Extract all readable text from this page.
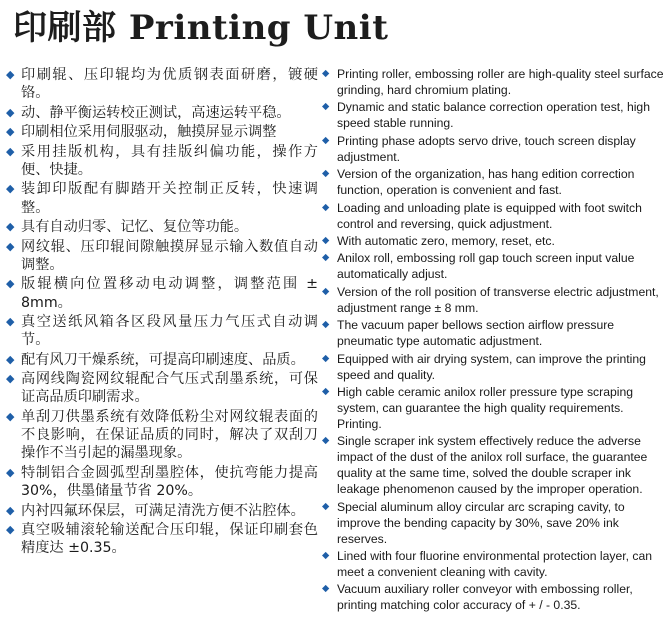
印刷部 Printing Unit
◆ 印刷辊、压印辊均为优质钢表面研磨，镀硬铬。
◆ 动、静平衡运转校正测试，高速运转平稳。
◆ 印刷相位采用伺服驱动，触摸屏显示调整
◆ 采用挂版机构，具有挂版纠偏功能，操作方便、快捷。
◆ 装卸印版配有脚踏开关控制正反转，快速调整。
◆ 具有自动归零、记忆、复位等功能。
◆ 网纹辊、压印辊间隙触摸屏显示输入数值自动调整。
◆ 版辊横向位置移动电动调整，调整范围 ± 8mm。
◆ 真空送纸风箱各区段风量压力气压式自动调节。
◆ 配有风刀干燥系统，可提高印刷速度、品质。
◆ 高网线陶瓷网纹辊配合气压式刮墨系统，可保证高品质印刷需求。
◆ 单刮刀供墨系统有效降低粉尘对网纹辊表面的不良影响，在保证品质的同时，解决了双刮刀操作不当引起的漏墨现象。
◆ 特制铝合金圆弧型刮墨腔体，使抗弯能力提高 30%，供墨储量节省 20%。
◆ 内衬四氟环保层，可满足清洗方便不沾腔体。
◆ 真空吸辅滚轮输送配合压印辊，保证印刷套色精度达 ±0.35。
◆ Printing roller, embossing roller are high-quality steel surface grinding, hard chromium plating.
◆ Dynamic and static balance correction operation test, high speed stable running.
◆ Printing phase adopts servo drive, touch screen display adjustment.
◆ Version of the organization, has hang edition correction function, operation is convenient and fast.
◆ Loading and unloading plate is equipped with foot switch control and reversing, quick adjustment.
◆ With automatic zero, memory, reset, etc.
◆ Anilox roll, embossing roll gap touch screen input value automatically adjust.
◆ Version of the roll position of transverse electric adjustment, adjustment range ± 8 mm.
◆ The vacuum paper bellows section airflow pressure pneumatic type automatic adjustment.
◆ Equipped with air drying system, can improve the printing speed and quality.
◆ High cable ceramic anilox roller pressure type scraping system, can guarantee the high quality requirements. Printing.
◆ Single scraper ink system effectively reduce the adverse impact of the dust of the anilox roll surface, the guarantee quality at the same time, solved the double scraper ink leakage phenomenon caused by the improper operation.
◆ Special aluminum alloy circular arc scraping cavity, to improve the bending capacity by 30%, save 20% ink reserves.
◆ Lined with four fluorine environmental protection layer, can meet a convenient cleaning with cavity.
◆ Vacuum auxiliary roller conveyor with embossing roller, printing matching color accuracy of + / - 0.35.
